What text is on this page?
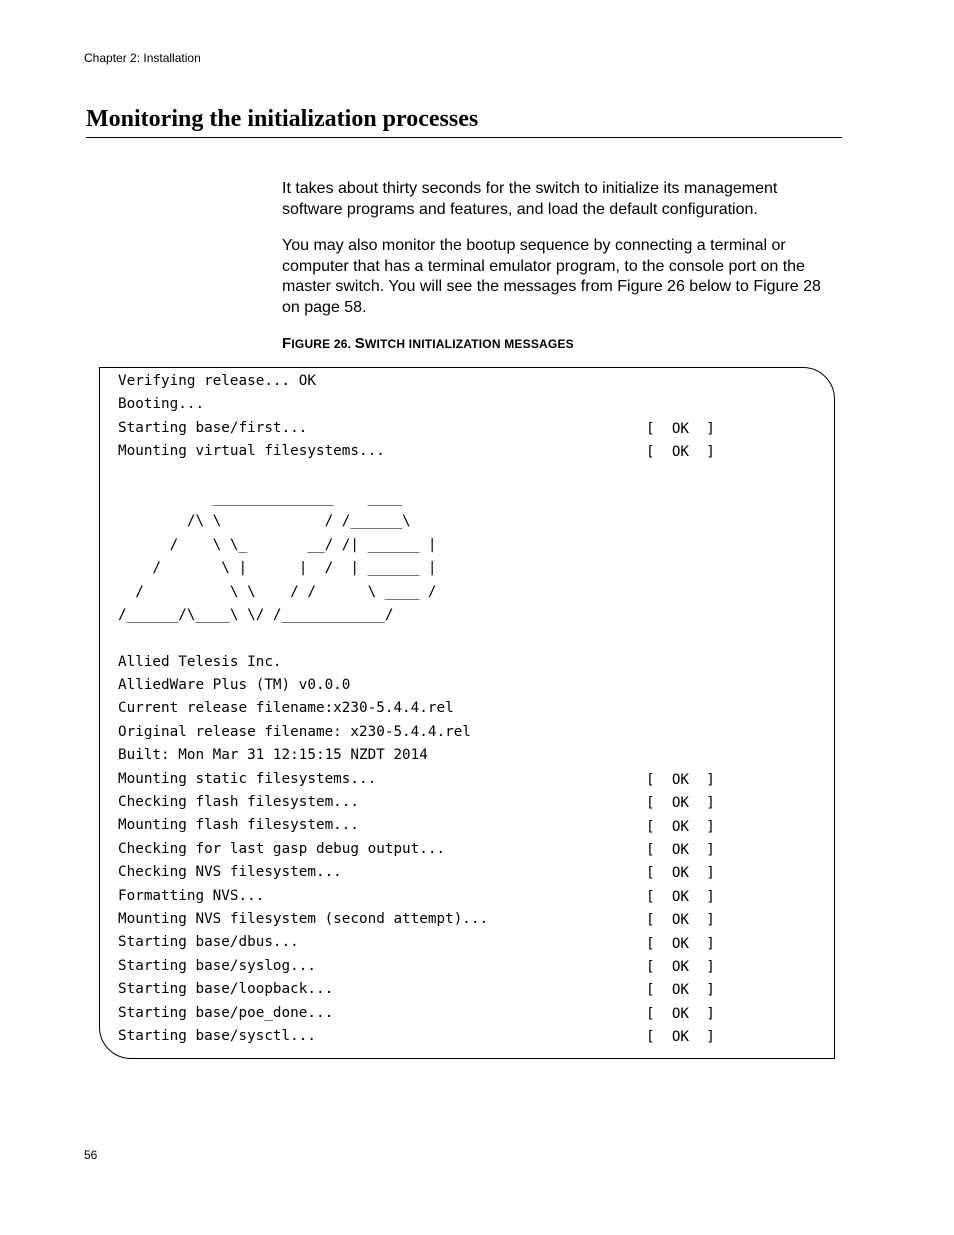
Chapter 2: Installation
Monitoring the initialization processes

It takes about thirty seconds for the switch to initialize its management software programs and features, and load the default configuration.

You may also monitor the bootup sequence by connecting a terminal or computer that has a terminal emulator program, to the console port on the master switch. You will see the messages from Figure 26 below to Figure 28 on page 58.

FIGURE 26. SWITCH INITIALIZATION MESSAGES
Verifying release... OK
Booting...
Starting base/first...
Mounting virtual filesystems...
______________    ____
/\ \            / /______\
/    \ \_       __/ /| ______ |
/       \ |      |  /  | ______ |
/          \ \    / /      \ ____ /
/______/\____\ \/ /____________/
Allied Telesis Inc.
AlliedWare Plus (TM) v0.0.0
Current release filename:x230-5.4.4.rel
Original release filename: x230-5.4.4.rel
Built: Mon Mar 31 12:15:15 NZDT 2014
Mounting static filesystems...
Checking flash filesystem...
Mounting flash filesystem...
Checking for last gasp debug output...
Checking NVS filesystem...
Formatting NVS...
Mounting NVS filesystem (second attempt)...
Starting base/dbus...
Starting base/syslog...
Starting base/loopback...
Starting base/poe_done...
Starting base/sysctl...
[  OK  ]
[  OK  ]
[  OK  ]
[  OK  ]
[  OK  ]
[  OK  ]
[  OK  ]
[  OK  ]
[  OK  ]
[  OK  ]
[  OK  ]
[  OK  ]
[  OK  ]
[  OK  ]
56
